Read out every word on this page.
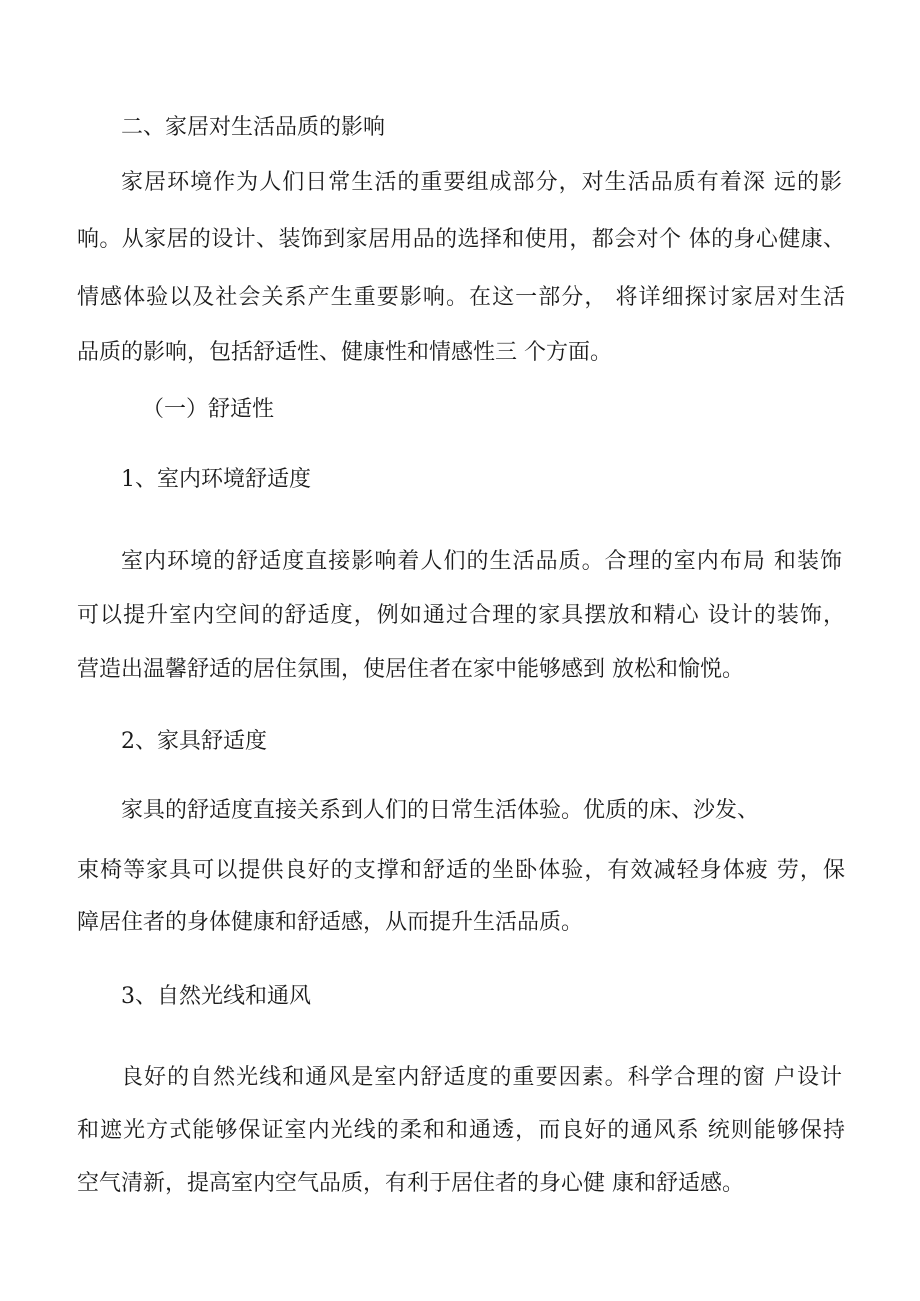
二、家居对生活品质的影响

家居环境作为人们日常生活的重要组成部分，对生活品质有着深 远的影

响。从家居的设计、装饰到家居用品的选择和使用，都会对个 体的身心健康、

情感体验以及社会关系产生重要影响。在这一部分， 将详细探讨家居对生活

品质的影响，包括舒适性、健康性和情感性三 个方面。

（一）舒适性

1、室内环境舒适度

室内环境的舒适度直接影响着人们的生活品质。合理的室内布局 和装饰

可以提升室内空间的舒适度，例如通过合理的家具摆放和精心 设计的装饰，

营造出温馨舒适的居住氛围，使居住者在家中能够感到 放松和愉悦。

2、家具舒适度

家具的舒适度直接关系到人们的日常生活体验。优质的床、沙发、

束椅等家具可以提供良好的支撑和舒适的坐卧体验，有效减轻身体疲 劳，保

障居住者的身体健康和舒适感，从而提升生活品质。

3、自然光线和通风

良好的自然光线和通风是室内舒适度的重要因素。科学合理的窗 户设计

和遮光方式能够保证室内光线的柔和和通透，而良好的通风系 统则能够保持

空气清新，提高室内空气品质，有利于居住者的身心健 康和舒适感。
